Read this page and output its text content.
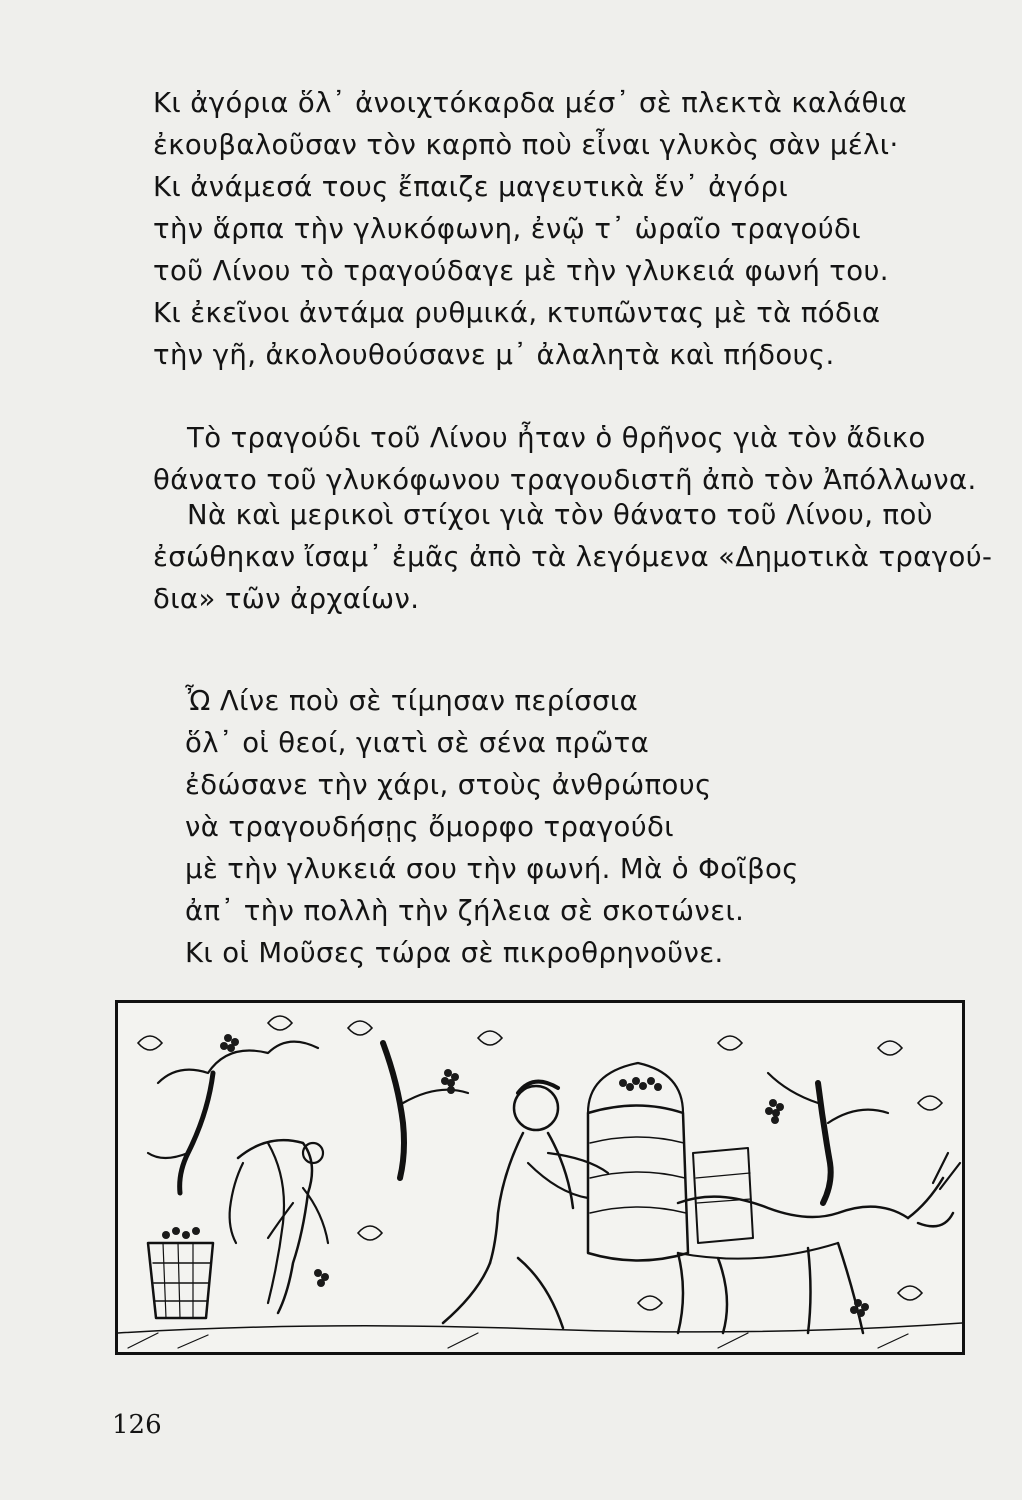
Κι ἀγόρια ὅλ᾽ ἀνοιχτόκαρδα μέσ᾽ σὲ πλεκτὰ καλάθια
ἐκουβαλοῦσαν τὸν καρπὸ ποὺ εἶναι γλυκὸς σὰν μέλι·
Κι ἀνάμεσά τους ἔπαιζε μαγευτικὰ ἕν᾽ ἀγόρι
τὴν ἅρπα τὴν γλυκόφωνη, ἐνῷ τ᾽ ὡραῖο τραγούδι
τοῦ Λίνου τὸ τραγούδαγε μὲ τὴν γλυκειά φωνή του.
Κι ἐκεῖνοι ἀντάμα ρυθμικά, κτυπῶντας μὲ τὰ πόδια
τὴν γῆ, ἀκολουθούσανε μ᾽ ἀλαλητὰ καὶ πήδους.
Τὸ τραγούδι τοῦ Λίνου ἦταν ὁ θρῆνος γιὰ τὸν ἄδικο
θάνατο τοῦ γλυκόφωνου τραγουδιστῆ ἀπὸ τὸν Ἀπόλλωνα.
Νὰ καὶ μερικοὶ στίχοι γιὰ τὸν θάνατο τοῦ Λίνου, ποὺ
ἐσώθηκαν ἴσαμ᾽ ἐμᾶς ἀπὸ τὰ λεγόμενα «Δημοτικὰ τραγού-
δια» τῶν ἀρχαίων.
Ὦ Λίνε ποὺ σὲ τίμησαν περίσσια
ὅλ᾽ οἱ θεοί, γιατὶ σὲ σένα πρῶτα
ἐδώσανε τὴν χάρι, στοὺς ἀνθρώπους
νὰ τραγουδήσῃς ὄμορφο τραγούδι
μὲ τὴν γλυκειά σου τὴν φωνή. Μὰ ὁ Φοῖβος
ἀπ᾽ τὴν πολλὴ τὴν ζήλεια σὲ σκοτώνει.
Κι οἱ Μοῦσες τώρα σὲ πικροθρηνοῦνε.
126
